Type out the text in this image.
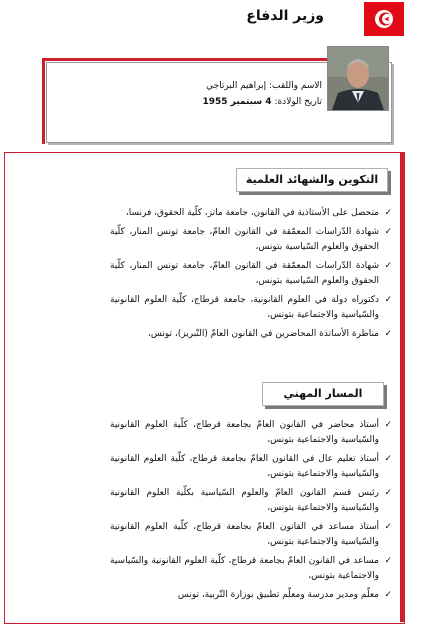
وزير الدفاع
الاسم واللقب: إبراهيم البرتاجي
تاريخ الولادة: 4 سبتمبر 1955
التكوين والشهائد العلمية
✓
متحصل على الأستاذية في القانون، جامعة ماتز، كلّية الحقوق، فرنسا،
✓
شهادة الدّراسات المعمّقة في القانون العامّ، جامعة تونس المنار، كلّية الحقوق والعلوم السّياسية بتونس،
✓
شهادة الدّراسات المعمّقة في القانون العامّ، جامعة تونس المنار، كلّية الحقوق والعلوم السّياسية بتونس،
✓
دكتوراه دولة في العلوم القانونية، جامعة قرطاج، كلّية العلوم القانونية والسّياسية والاجتماعية بتونس،
✓
مناظرة الأساتذة المحاضرين في القانون العامّ (التّبريز)، تونس،
المسار المهني
✓
أستاذ محاضر في القانون العامّ بجامعة قرطاج، كلّية العلوم القانونية والسّياسية والاجتماعية بتونس،
✓
أستاذ تعليم عال في القانون العامّ بجامعة قرطاج، كلّية العلوم القانونية والسّياسية والاجتماعية بتونس،
✓
رئيس قسم القانون العامّ والعلوم السّياسية بكلّية العلوم القانونية والسّياسية والاجتماعية بتونس،
✓
أستاذ مساعد في القانون العامّ بجامعة قرطاج، كلّية العلوم القانونية والسّياسية والاجتماعية بتونس،
✓
مساعد في القانون العامّ بجامعة قرطاج، كلّية العلوم القانونية والسّياسية والاجتماعية بتونس،
✓
معلّم ومدير مدرسة ومعلّم تطبيق بوزارة التّربية، تونس
